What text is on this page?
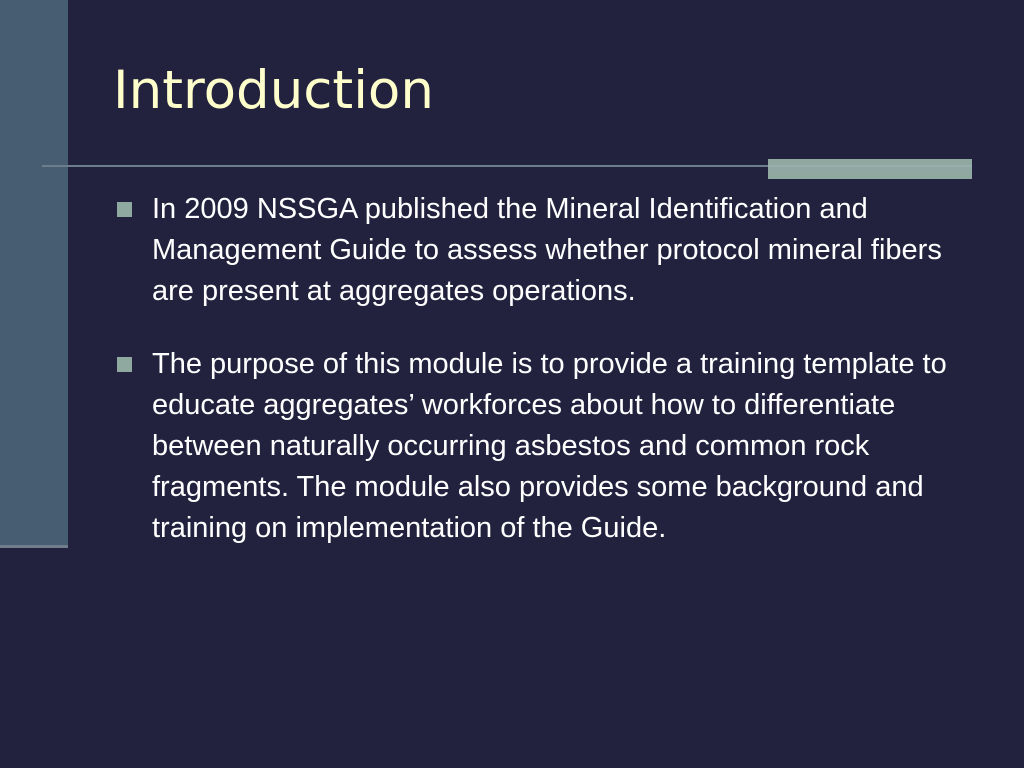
Introduction
In 2009 NSSGA published the Mineral Identification and Management Guide to assess whether protocol mineral fibers are present at aggregates operations.
The purpose of this module is to provide a training template to educate aggregates’ workforces about how to differentiate between naturally occurring asbestos and common rock fragments. The module also provides some background and training on implementation of the Guide.
